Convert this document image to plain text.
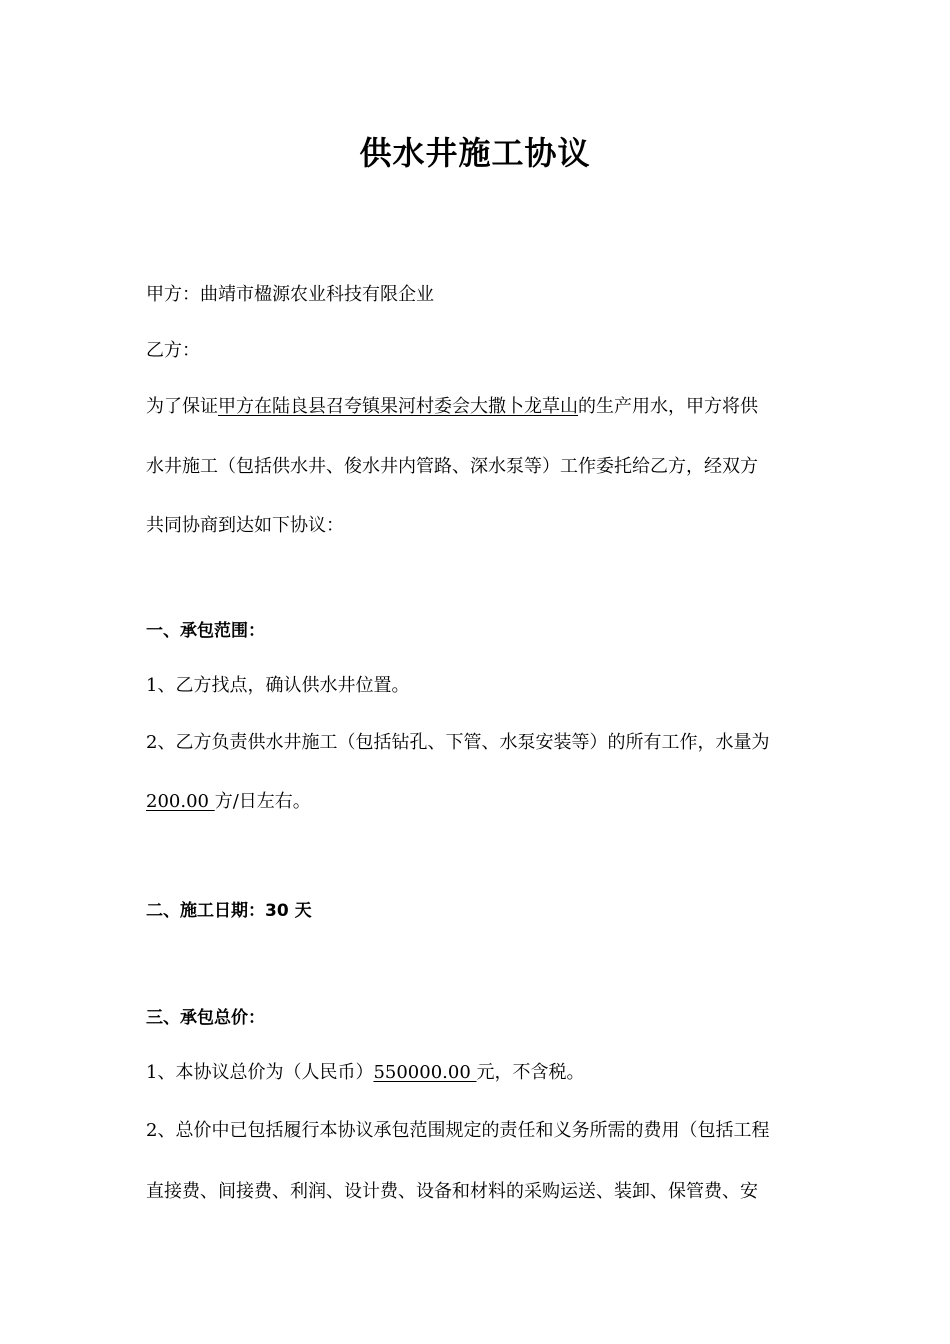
供水井施工协议
甲方：曲靖市楹源农业科技有限企业
乙方：
为了保证甲方在陆良县召夸镇果河村委会大撒卜龙草山的生产用水，甲方将供
水井施工（包括供水井、俊水井内管路、深水泵等）工作委托给乙方，经双方
共同协商到达如下协议：
一、承包范围：
1、乙方找点，确认供水井位置。
2、乙方负责供水井施工（包括钻孔、下管、水泵安装等）的所有工作，水量为
200.00 方/日左右。
二、施工日期：30 天
三、承包总价：
1、本协议总价为（人民币）550000.00 元，不含税。
2、总价中已包括履行本协议承包范围规定的责任和义务所需的费用（包括工程
直接费、间接费、利润、设计费、设备和材料的采购运送、装卸、保管费、安
